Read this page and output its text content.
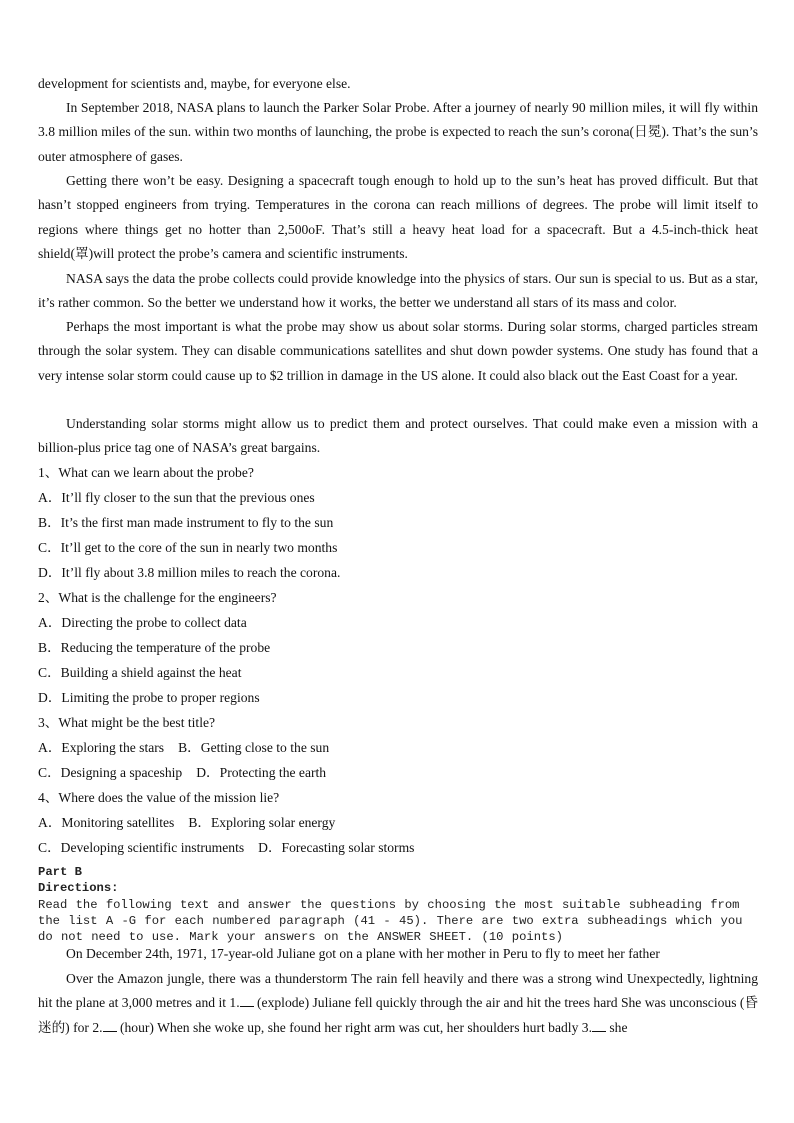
development for scientists and, maybe, for everyone else.

In September 2018, NASA plans to launch the Parker Solar Probe. After a journey of nearly 90 million miles, it will fly within 3.8 million miles of the sun. within two months of launching, the probe is expected to reach the sun’s corona(日冕). That’s the sun’s outer atmosphere of gases.

Getting there won’t be easy. Designing a spacecraft tough enough to hold up to the sun’s heat has proved difficult. But that hasn’t stopped engineers from trying. Temperatures in the corona can reach millions of degrees. The probe will limit itself to regions where things get no hotter than 2,500oF. That’s still a heavy heat load for a spacecraft. But a 4.5-inch-thick heat shield(罩)will protect the probe’s camera and scientific instruments.

NASA says the data the probe collects could provide knowledge into the physics of stars. Our sun is special to us. But as a star, it’s rather common. So the better we understand how it works, the better we understand all stars of its mass and color.

Perhaps the most important is what the probe may show us about solar storms. During solar storms, charged particles stream through the solar system. They can disable communications satellites and shut down powder systems. One study has found that a very intense solar storm could cause up to $2 trillion in damage in the US alone. It could also black out the East Coast for a year.

Understanding solar storms might allow us to predict them and protect ourselves. That could make even a mission with a billion-plus price tag one of NASA’s great bargains.

1、What can we learn about the probe?
A．It’ll fly closer to the sun that the previous ones
B．It’s the first man made instrument to fly to the sun
C．It’ll get to the core of the sun in nearly two months
D．It’ll fly about 3.8 million miles to reach the corona.
2、What is the challenge for the engineers?
A．Directing the probe to collect data
B．Reducing the temperature of the probe
C．Building a shield against the heat
D．Limiting the probe to proper regions
3、What might be the best title?
A．Exploring the stars B．Getting close to the sun
C．Designing a spaceship D．Protecting the earth
4、Where does the value of the mission lie?
A．Monitoring satellites B．Exploring solar energy
C．Developing scientific instruments D．Forecasting solar storms
Part B
Directions:

Read the following text and answer the questions by choosing the most suitable subheading from the list A -G for each numbered paragraph (41 - 45). There are two extra subheadings which you do not need to use. Mark your answers on the ANSWER SHEET. (10 points)

On December 24th, 1971, 17-year-old Juliane got on a plane with her mother in Peru to fly to meet her father

Over the Amazon jungle, there was a thunderstorm The rain fell heavily and there was a strong wind Unexpectedly, lightning hit the plane at 3,000 metres and it 1. (explode) Juliane fell quickly through the air and hit the trees hard She was unconscious (昏迷的) for 2. (hour) When she woke up, she found her right arm was cut, her shoulders hurt badly 3. she
